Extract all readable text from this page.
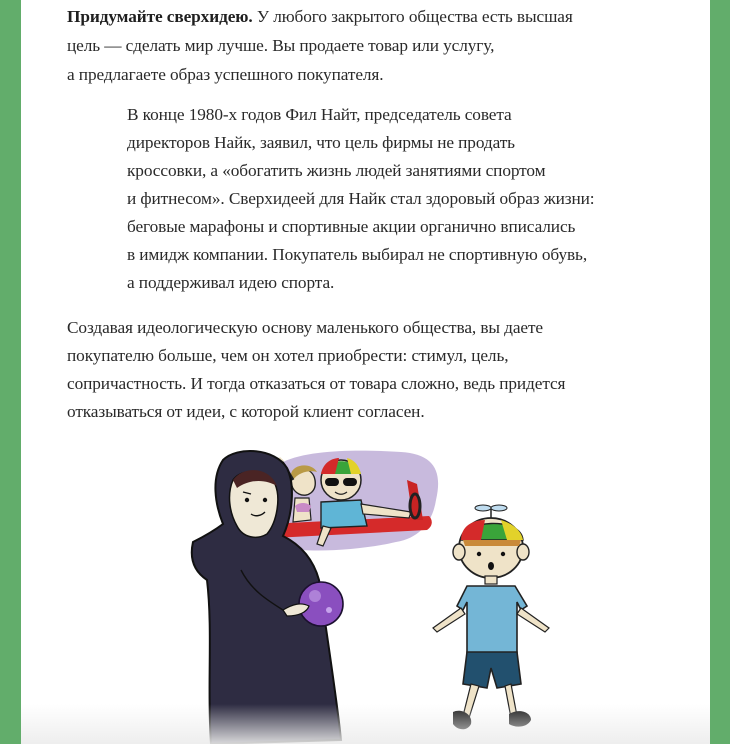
Придумайте сверхидею. У любого закрытого общества есть высшая
цель — сделать мир лучше. Вы продаете товар или услугу,
а предлагаете образ успешного покупателя.
В конце 1980-х годов Фил Найт, председатель совета
директоров Найк, заявил, что цель фирмы не продать
кроссовки, а «обогатить жизнь людей занятиями спортом
и фитнесом». Сверхидеей для Найк стал здоровый образ жизни:
беговые марафоны и спортивные акции органично вписались
в имидж компании. Покупатель выбирал не спортивную обувь,
а поддерживал идею спорта.
Создавая идеологическую основу маленького общества, вы даете
покупателю больше, чем он хотел приобрести: стимул, цель,
сопричастность. И тогда отказаться от товара сложно, ведь придется
отказываться от идеи, с которой клиент согласен.
